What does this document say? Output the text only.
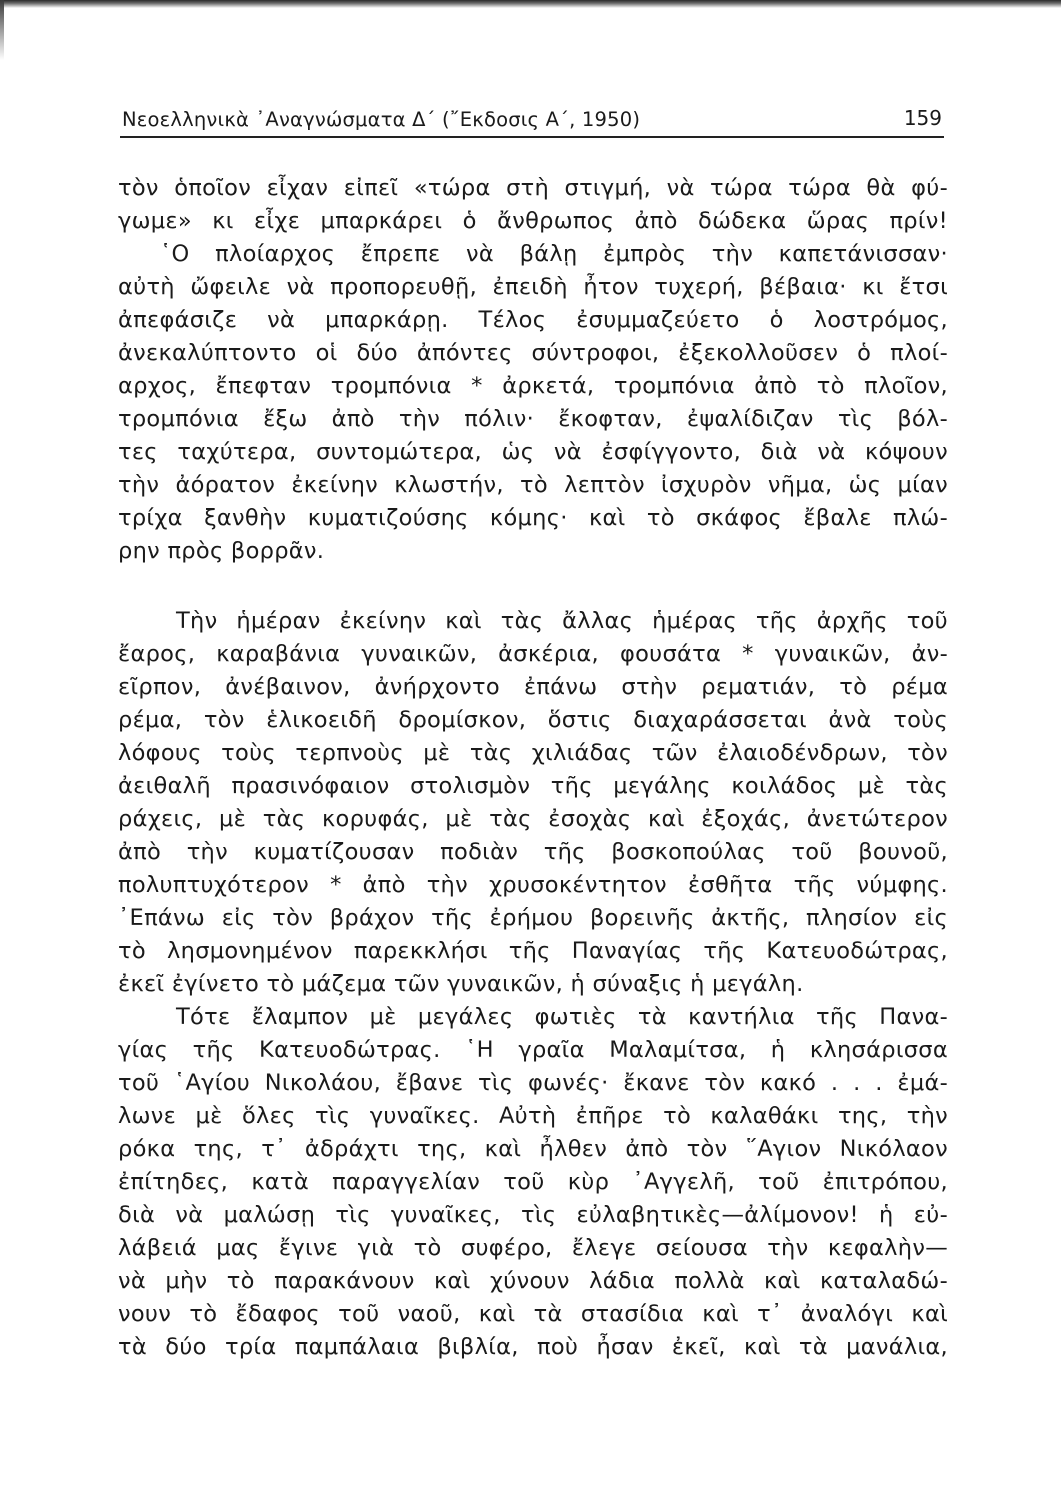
Νεοελληνικὰ ᾿Αναγνώσματα Δ΄ (῎Εκδοσις Α΄, 1950)	159
τὸν ὁποῖον εἶχαν εἰπεῖ «τώρα στὴ στιγμή, νὰ τώρα τώρα θὰ φύ-
γωμε» κι εἶχε μπαρκάρει ὁ ἄνθρωπος ἀπὸ δώδεκα ὥρας πρίν!
῾Ο πλοίαρχος ἔπρεπε νὰ βάλῃ ἐμπρὸς τὴν καπετάνισσαν·
αὐτὴ ὤφειλε νὰ προπορευθῇ, ἐπειδὴ ἦτον τυχερή, βέβαια· κι ἔτσι
ἀπεφάσιζε νὰ μπαρκάρῃ. Τέλος ἐσυμμαζεύετο ὁ λοστρόμος,
ἀνεκαλύπτοντο οἱ δύο ἀπόντες σύντροφοι, ἐξεκολλοῦσεν ὁ πλοί-
αρχος, ἔπεφταν τρομπόνια * ἀρκετά, τρομπόνια ἀπὸ τὸ πλοῖον,
τρομπόνια ἔξω ἀπὸ τὴν πόλιν· ἔκοφταν, ἐψαλίδιζαν τὶς βόλ-
τες ταχύτερα, συντομώτερα, ὡς νὰ ἐσφίγγοντο, διὰ νὰ κόψουν
τὴν ἀόρατον ἐκείνην κλωστήν, τὸ λεπτὸν ἰσχυρὸν νῆμα, ὡς μίαν
τρίχα ξανθὴν κυματιζούσης κόμης· καὶ τὸ σκάφος ἔβαλε πλώ-
ρην πρὸς βορρᾶν.
Τὴν ἡμέραν ἐκείνην καὶ τὰς ἄλλας ἡμέρας τῆς ἀρχῆς τοῦ
ἔαρος, καραβάνια γυναικῶν, ἀσκέρια, φουσάτα * γυναικῶν, ἀν-
εῖρπον, ἀνέβαινον, ἀνήρχοντο ἐπάνω στὴν ρεματιάν, τὸ ρέμα
ρέμα, τὸν ἑλικοειδῆ δρομίσκον, ὅστις διαχαράσσεται ἀνὰ τοὺς
λόφους τοὺς τερπνοὺς μὲ τὰς χιλιάδας τῶν ἐλαιοδένδρων, τὸν
ἀειθαλῆ πρασινόφαιον στολισμὸν τῆς μεγάλης κοιλάδος μὲ τὰς
ράχεις, μὲ τὰς κορυφάς, μὲ τὰς ἐσοχὰς καὶ ἐξοχάς, ἀνετώτερον
ἀπὸ τὴν κυματίζουσαν ποδιὰν τῆς βοσκοπούλας τοῦ βουνοῦ,
πολυπτυχότερον * ἀπὸ τὴν χρυσοκέντητον ἐσθῆτα τῆς νύμφης.
᾿Επάνω εἰς τὸν βράχον τῆς ἐρήμου βορεινῆς ἀκτῆς, πλησίον εἰς
τὸ λησμονημένον παρεκκλήσι τῆς Παναγίας τῆς Κατευοδώτρας,
ἐκεῖ ἐγίνετο τὸ μάζεμα τῶν γυναικῶν, ἡ σύναξις ἡ μεγάλη.
Τότε ἔλαμπον μὲ μεγάλες φωτιὲς τὰ καντήλια τῆς Πανα-
γίας τῆς Κατευοδώτρας. ῾Η γραῖα Μαλαμίτσα, ἡ κλησάρισσα
τοῦ ῾Αγίου Νικολάου, ἔβανε τὶς φωνές· ἔκανε τὸν κακό . . . ἐμά-
λωνε μὲ ὅλες τὶς γυναῖκες. Αὐτὴ ἐπῆρε τὸ καλαθάκι της, τὴν
ρόκα της, τ᾿ ἀδράχτι της, καὶ ἦλθεν ἀπὸ τὸν ῞Αγιον Νικόλαον
ἐπίτηδες, κατὰ παραγγελίαν τοῦ κὺρ ᾿Αγγελῆ, τοῦ ἐπιτρόπου,
διὰ νὰ μαλώσῃ τὶς γυναῖκες, τὶς εὐλαβητικὲς—ἀλίμονον! ἡ εὐ-
λάβειά μας ἔγινε γιὰ τὸ συφέρο, ἔλεγε σείουσα τὴν κεφαλὴν—
νὰ μὴν τὸ παρακάνουν καὶ χύνουν λάδια πολλὰ καὶ καταλαδώ-
νουν τὸ ἔδαφος τοῦ ναοῦ, καὶ τὰ στασίδια καὶ τ᾿ ἀναλόγι καὶ
τὰ δύο τρία παμπάλαια βιβλία, ποὺ ἦσαν ἐκεῖ, καὶ τὰ μανάλια,
